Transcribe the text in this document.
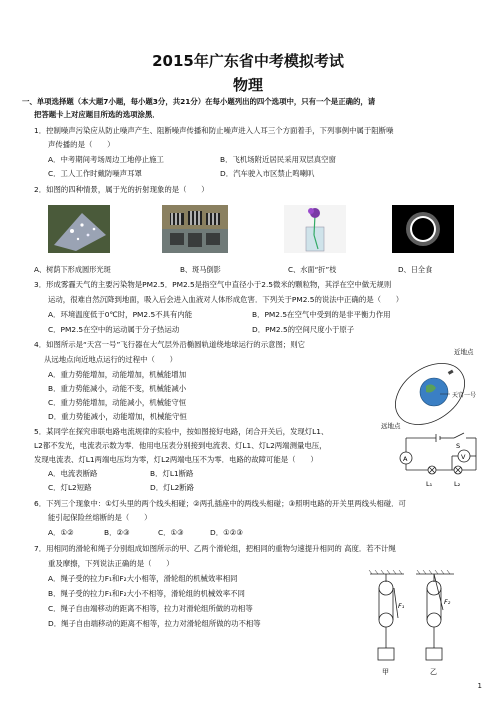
2015年广东省中考模拟考试
物理
一、单项选择题（本大题7小题，每小题3分，共21分）在每小题列出的四个选项中，只有一个是正确的，请
把答题卡上对应题目所选的选项涂黑．
1．控制噪声污染应从防止噪声产生、阻断噪声传播和防止噪声进入人耳三个方面着手，下列事例中属于阻断噪
声传播的是（　　）
A．中考期间考场周边工地停止施工	B．飞机场附近居民采用双层真空窗
C．工人工作时戴防噪声耳罩	D．汽车驶入市区禁止鸣喇叭
2．如图的四种情景，属于光的折射现象的是（　　）
A、树荫下形成圆形光斑	B、斑马倒影	C、水面“折”枝	D、日全食
3．形成雾霾天气的主要污染物是PM2.5．PM2.5是指空气中直径小于2.5微米的颗粒物，其浮在空中做无规则
运动，很难自然沉降到地面，吸入后会进入血液对人体形成危害．下列关于PM2.5的说法中正确的是（　　）
A．环境温度低于0℃时，PM2.5不具有内能	B．PM2.5在空气中受到的是非平衡力作用
C．PM2.5在空中的运动属于分子热运动	D．PM2.5的空间尺度小于原子
4．如图所示是“天宫一号”飞行器在大气层外沿椭圆轨道绕地球运行的示意图；则它
从远地点向近地点运行的过程中（　　）
A．重力势能增加，动能增加，机械能增加
B．重力势能减小，动能不变，机械能减小
C．重力势能增加，动能减小，机械能守恒
D．重力势能减小，动能增加，机械能守恒
近地点
远地点
天宫一号
5．某同学在探究串联电路电流规律的实验中，按如图接好电路，闭合开关后，发现灯L1、
L2都不发光，电流表示数为零．他用电压表分别接到电流表、灯L1、灯L2两端测量电压，
发现电流表、灯L1两端电压均为零，灯L2两端电压不为零．电路的故障可能是（　　）
A．电流表断路	B．灯L1断路
C．灯L2短路	D．灯L2断路
S
A	V
L₁	L₂
6．下列三个现象中：①灯头里的两个线头相碰；②两孔插座中的两线头相碰；③照明电路的开关里两线头相碰．可
能引起保险丝熔断的是（　　）
A．①②	B．②③	C．①③	D．①②③
7．用相同的滑轮和绳子分别组成如图所示的甲、乙两个滑轮组，把相同的重物匀速提升相同的 高度．若不计绳
重及摩擦，下列说法正确的是（　　）
A．绳子受的拉力F₁和F₂大小相等，滑轮组的机械效率相同
B．绳子受的拉力F₁和F₂大小不相等，滑轮组的机械效率不同
C．绳子自由端移动的距离不相等，拉力对滑轮组所做的功相等
D．绳子自由端移动的距离不相等，拉力对滑轮组所做的功不相等
F₁	F₂
甲	乙
1
